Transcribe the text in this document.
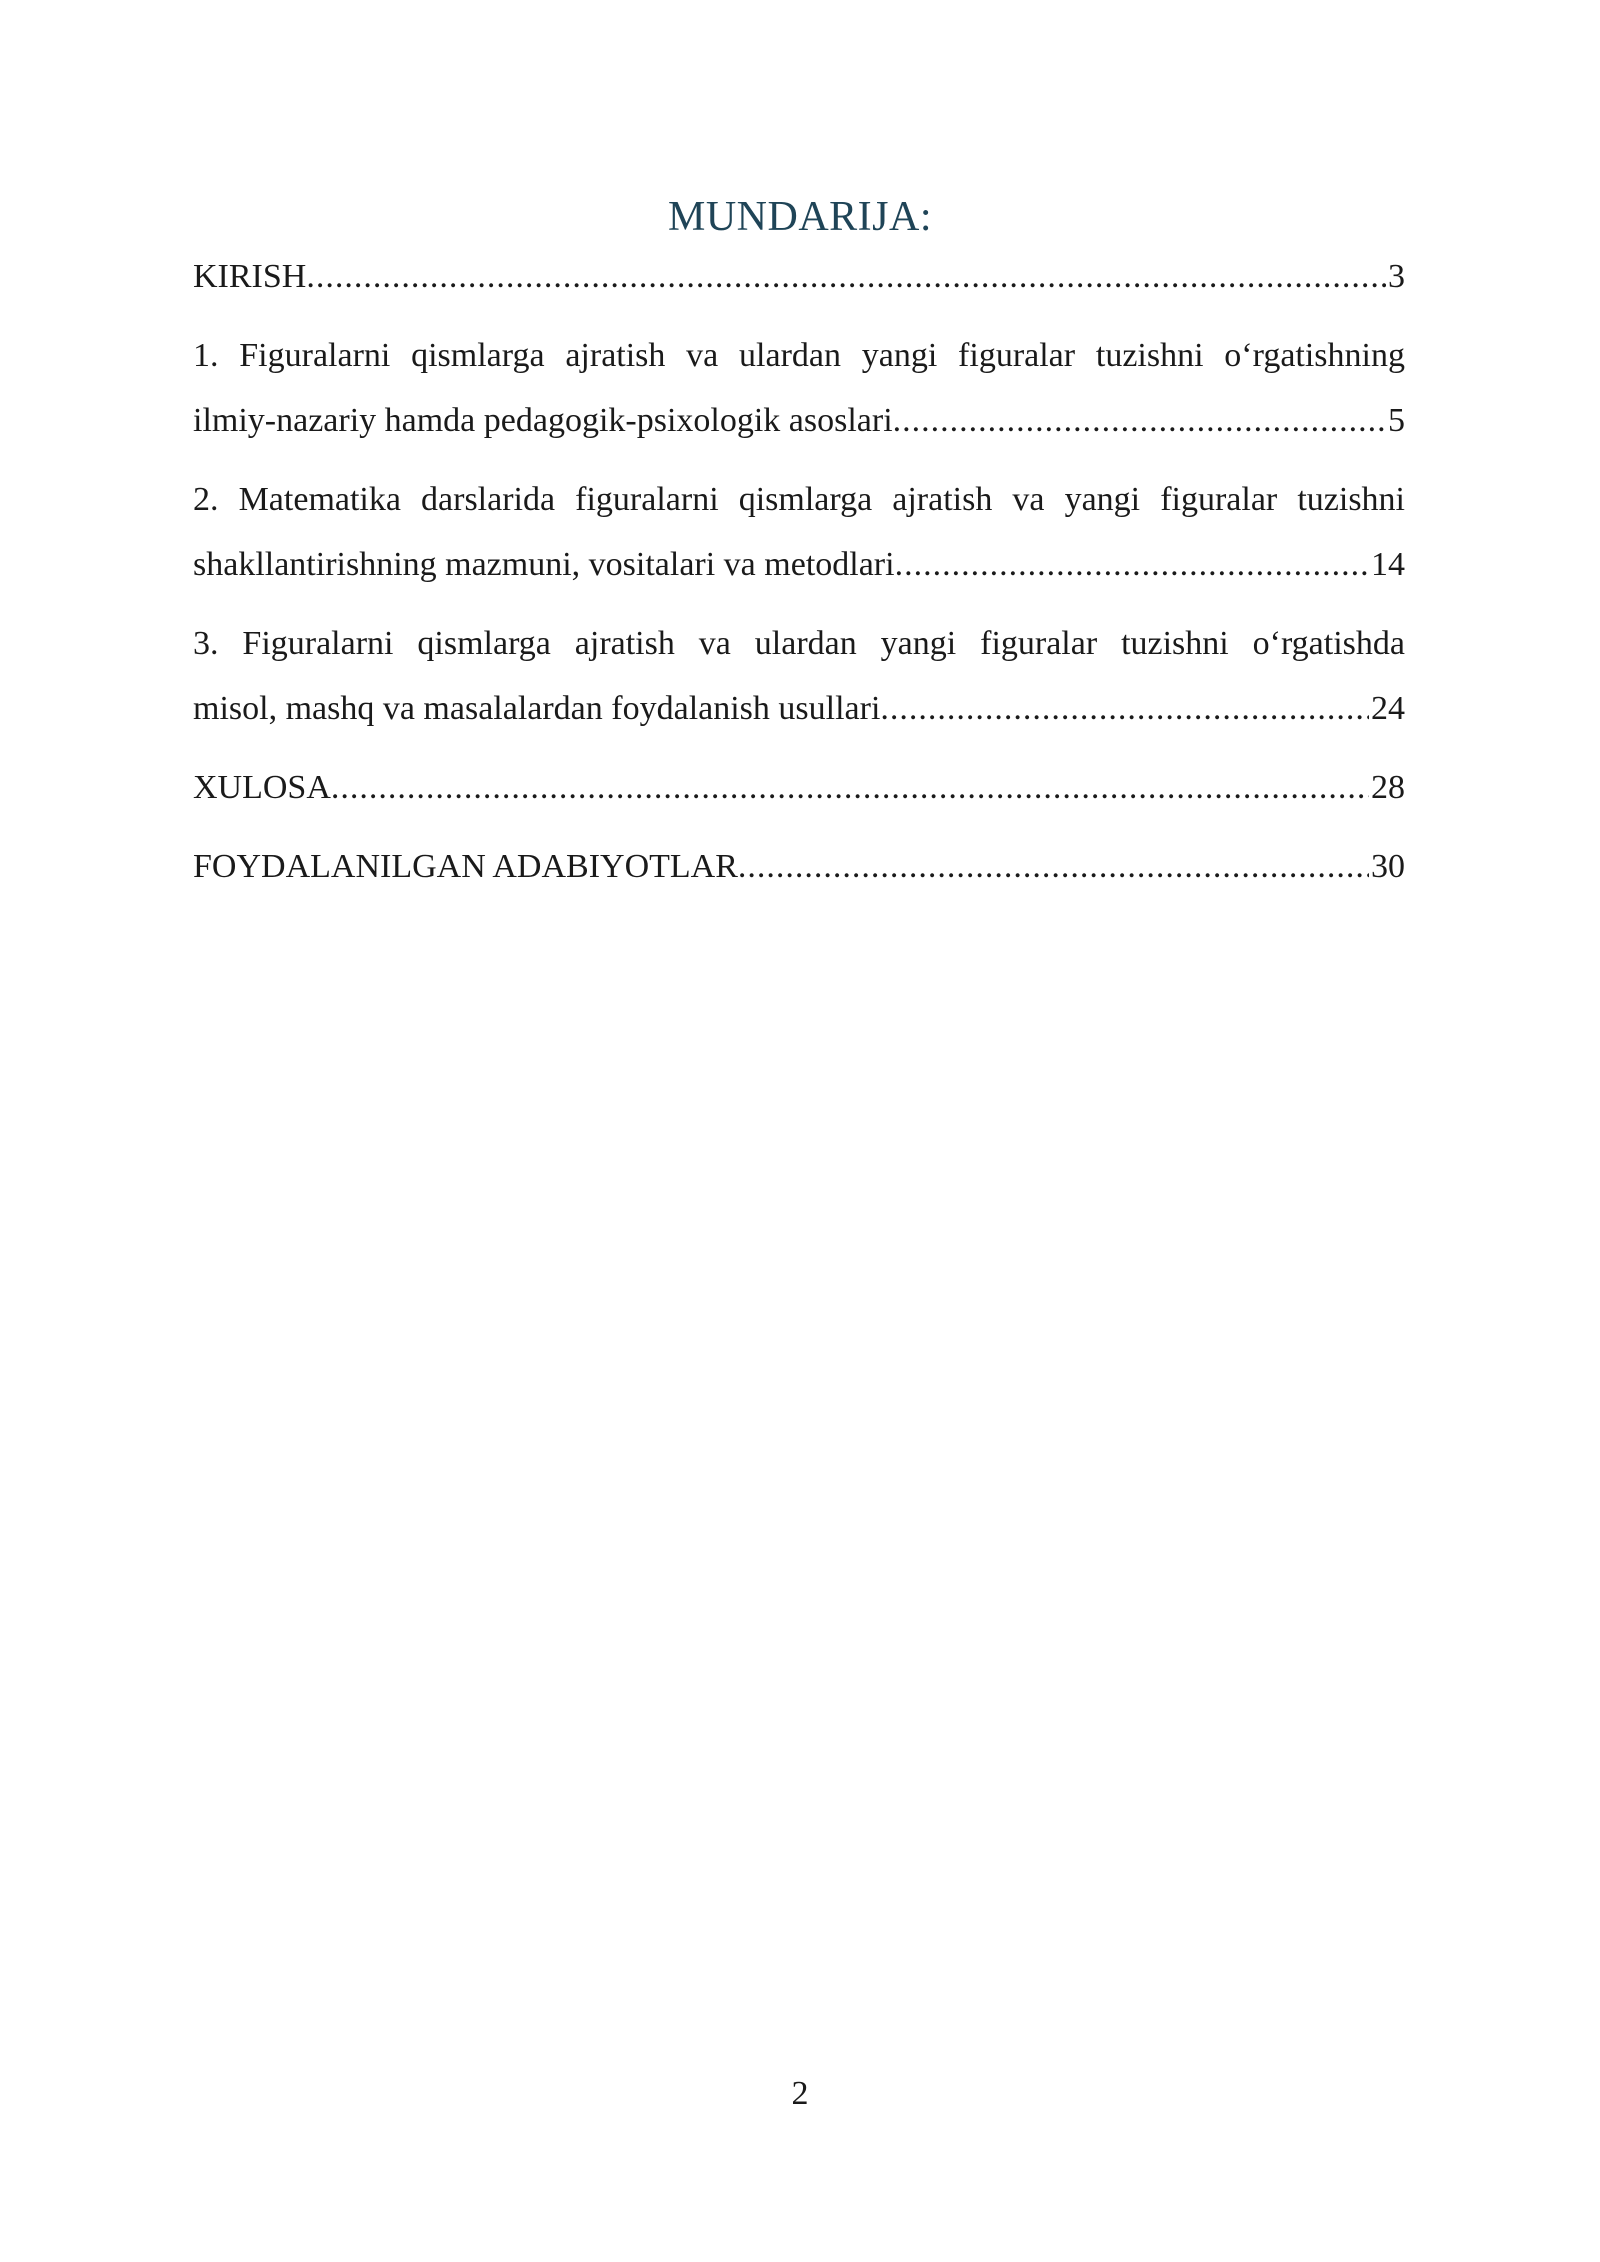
MUNDARIJA:
KIRISH .....	3
1. Figuralarni qismlarga ajratish va ulardan yangi figuralar tuzishni o‘rgatishning
ilmiy-nazariy hamda pedagogik-psixologik asoslari .....	5
2. Matematika darslarida figuralarni qismlarga ajratish va yangi figuralar tuzishni
shakllantirishning mazmuni, vositalari va metodlari .....	14
3. Figuralarni qismlarga ajratish va ulardan yangi figuralar tuzishni o‘rgatishda
misol, mashq va masalalardan foydalanish usullari .....	24
XULOSA .....	28
FOYDALANILGAN ADABIYOTLAR .....	30
2
